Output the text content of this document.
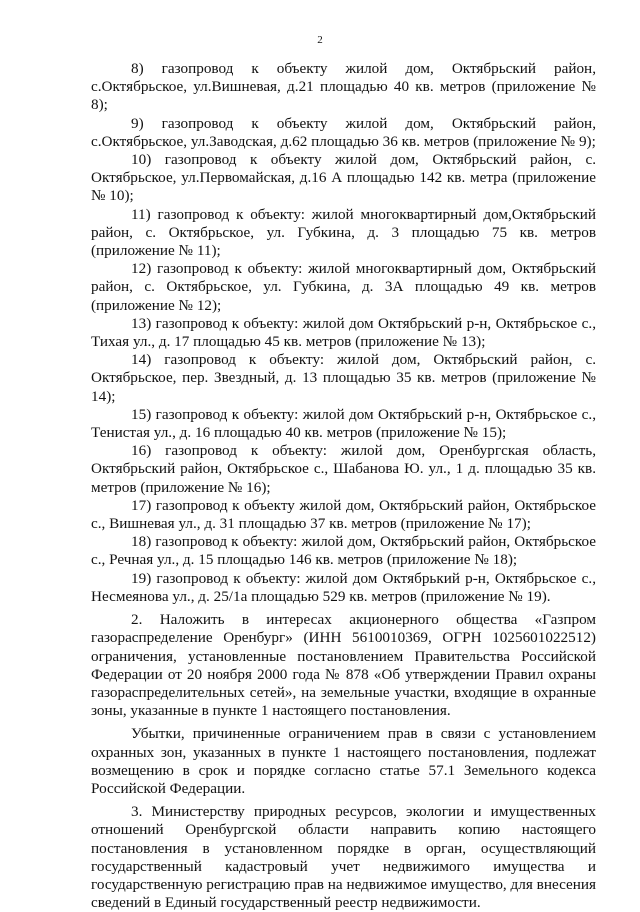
2

8) газопровод к объекту жилой дом, Октябрьский район, с.Октябрьское, ул.Вишневая, д.21 площадью 40 кв. метров (приложение № 8);

9) газопровод к объекту жилой дом, Октябрьский район, с.Октябрьское, ул.Заводская, д.62 площадью 36 кв. метров (приложение № 9);

10) газопровод к объекту жилой дом, Октябрьский район, с. Октябрьское, ул.Первомайская, д.16 А площадью 142 кв. метра (приложение № 10);

11) газопровод к объекту: жилой многоквартирный дом,Октябрьский район, с. Октябрьское, ул. Губкина, д. 3 площадью 75 кв. метров (приложение № 11);

12) газопровод к объекту: жилой многоквартирный дом, Октябрьский район, с. Октябрьское, ул. Губкина, д. 3А площадью 49 кв. метров (приложение № 12);

13) газопровод к объекту: жилой дом Октябрьский р-н, Октябрьское с., Тихая ул., д. 17 площадью 45 кв. метров (приложение № 13);

14) газопровод к объекту: жилой дом, Октябрьский район, с. Октябрьское, пер. Звездный, д. 13 площадью 35 кв. метров (приложение № 14);

15) газопровод к объекту: жилой дом Октябрьский р-н, Октябрьское с., Тенистая ул., д. 16 площадью 40 кв. метров (приложение № 15);

16) газопровод к объекту: жилой дом, Оренбургская область, Октябрьский район, Октябрьское с., Шабанова Ю. ул., 1 д. площадью 35 кв. метров (приложение № 16);

17) газопровод к объекту жилой дом, Октябрьский район, Октябрьское с., Вишневая ул., д. 31 площадью 37 кв. метров (приложение № 17);

18) газопровод к объекту: жилой дом, Октябрьский район, Октябрьское с., Речная ул., д. 15 площадью 146 кв. метров (приложение № 18);

19) газопровод к объекту: жилой дом Октябрький р-н, Октябрьское с., Несмеянова ул., д. 25/1а площадью 529 кв. метров (приложение № 19).

2. Наложить в интересах акционерного общества «Газпром газораспределение Оренбург» (ИНН 5610010369, ОГРН 1025601022512) ограничения, установленные постановлением Правительства Российской Федерации от 20 ноября 2000 года № 878 «Об утверждении Правил охраны газораспределительных сетей», на земельные участки, входящие в охранные зоны, указанные в пункте 1 настоящего постановления.

Убытки, причиненные ограничением прав в связи с установлением охранных зон, указанных в пункте 1 настоящего постановления, подлежат возмещению в срок и порядке согласно статье 57.1 Земельного кодекса Российской Федерации.

3. Министерству природных ресурсов, экологии и имущественных отношений Оренбургской области направить копию настоящего постановления в установленном порядке в орган, осуществляющий государственный кадастровый учет недвижимого имущества и государственную регистрацию прав на недвижимое имущество, для внесения сведений в Единый государственный реестр недвижимости.
